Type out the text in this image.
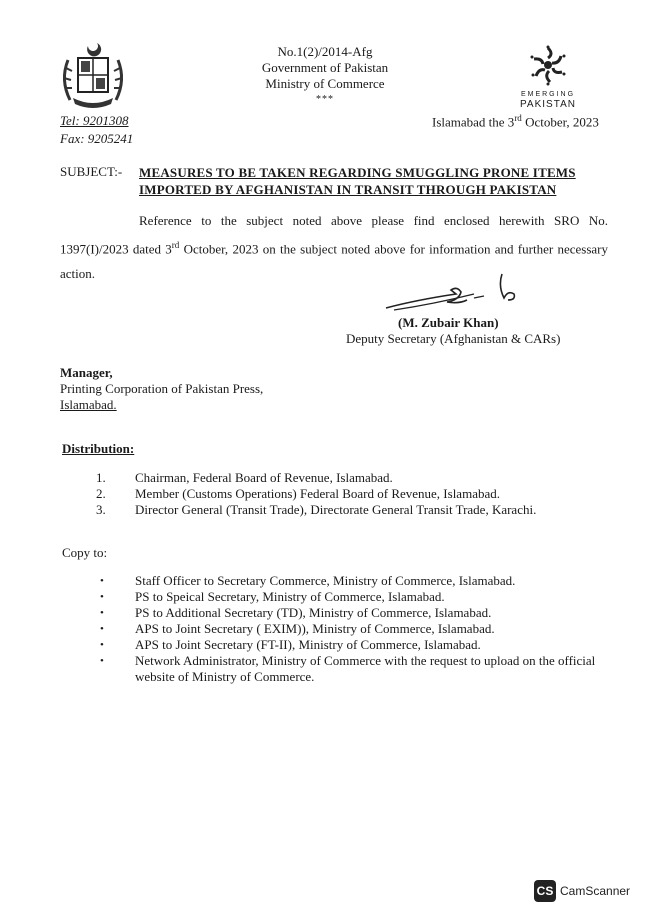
No.1(2)/2014-Afg
Government of Pakistan
Ministry of Commerce
***	EMERGING
PAKISTAN
Tel: 9201308
Fax: 9205241
Islamabad the 3rd October, 2023
SUBJECT:- MEASURES TO BE TAKEN REGARDING SMUGGLING PRONE ITEMS IMPORTED BY AFGHANISTAN IN TRANSIT THROUGH PAKISTAN
Reference to the subject noted above please find enclosed herewith SRO No. 1397(I)/2023 dated 3rd October, 2023 on the subject noted above for information and further necessary action.
(M. Zubair Khan)
Deputy Secretary (Afghanistan & CARs)
Manager,
Printing Corporation of Pakistan Press,
Islamabad.
Distribution:
1.	Chairman, Federal Board of Revenue, Islamabad.
2.	Member (Customs Operations) Federal Board of Revenue, Islamabad.
3.	Director General (Transit Trade), Directorate General Transit Trade, Karachi.
Copy to:
•	Staff Officer to Secretary Commerce, Ministry of Commerce, Islamabad.
•	PS to Speical Secretary, Ministry of Commerce, Islamabad.
•	PS to Additional Secretary (TD), Ministry of Commerce, Islamabad.
•	APS to Joint Secretary ( EXIM)), Ministry of Commerce, Islamabad.
•	APS to Joint Secretary (FT-II), Ministry of Commerce, Islamabad.
•	Network Administrator, Ministry of Commerce with the request to upload on the official website of Ministry of Commerce.
CS CamScanner
